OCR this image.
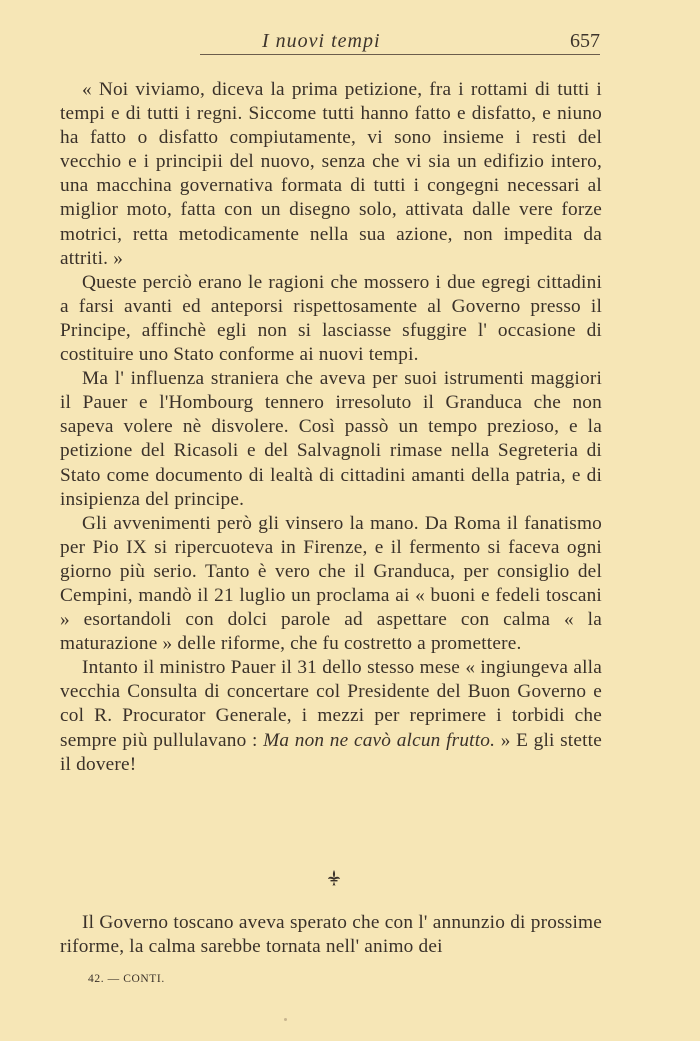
I nuovi tempi	657

« Noi viviamo, diceva la prima petizione, fra i rottami di tutti i tempi e di tutti i regni. Siccome tutti hanno fatto e disfatto, e niuno ha fatto o disfatto compiutamente, vi sono insieme i resti del vecchio e i principii del nuovo, senza che vi sia un edifizio intero, una macchina governativa formata di tutti i congegni necessari al miglior moto, fatta con un disegno solo, attivata dalle vere forze motrici, retta metodicamente nella sua azione, non impedita da attriti. »

Queste perciò erano le ragioni che mossero i due egregi cittadini a farsi avanti ed anteporsi rispettosamente al Governo presso il Principe, affinchè egli non si lasciasse sfuggire l' occasione di costituire uno Stato conforme ai nuovi tempi.

Ma l' influenza straniera che aveva per suoi istrumenti maggiori il Pauer e l'Hombourg tennero irresoluto il Granduca che non sapeva volere nè disvolere. Così passò un tempo prezioso, e la petizione del Ricasoli e del Salvagnoli rimase nella Segreteria di Stato come documento di lealtà di cittadini amanti della patria, e di insipienza del principe.

Gli avvenimenti però gli vinsero la mano. Da Roma il fanatismo per Pio IX si ripercuoteva in Firenze, e il fermento si faceva ogni giorno più serio. Tanto è vero che il Granduca, per consiglio del Cempini, mandò il 21 luglio un proclama ai « buoni e fedeli toscani » esortandoli con dolci parole ad aspettare con calma « la maturazione » delle riforme, che fu costretto a promettere.

Intanto il ministro Pauer il 31 dello stesso mese « ingiungeva alla vecchia Consulta di concertare col Presidente del Buon Governo e col R. Procurator Generale, i mezzi per reprimere i torbidi che sempre più pullulavano : Ma non ne cavò alcun frutto. » E gli stette il dovere!

Il Governo toscano aveva sperato che con l' annunzio di prossime riforme, la calma sarebbe tornata nell' animo dei

42. — CONTI.
